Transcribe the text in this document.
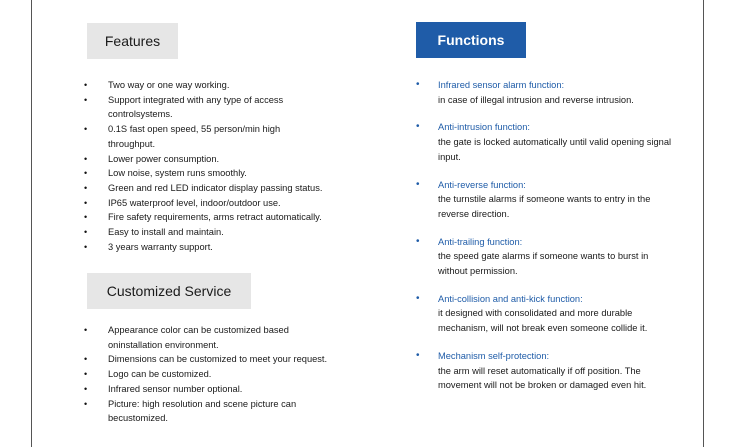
Features
• Two way or one way working.
• Support integrated with any type of access controlsystems.
• 0.1S fast open speed, 55 person/min high throughput.
• Lower power consumption.
• Low noise, system runs smoothly.
• Green and red LED indicator display passing status.
• IP65 waterproof level, indoor/outdoor use.
• Fire safety requirements, arms retract automatically.
• Easy to install and maintain.
• 3 years warranty support.
Customized Service
• Appearance color can be customized based oninstallation environment.
• Dimensions can be customized to meet your request.
• Logo can be customized.
• Infrared sensor number optional.
• Picture: high resolution and scene picture can becustomized.
Functions
• Infrared sensor alarm function:
in case of illegal intrusion and reverse intrusion.
• Anti-intrusion function:
the gate is locked automatically until valid opening signal input.
• Anti-reverse function:
the turnstile alarms if someone wants to entry in the reverse direction.
• Anti-trailing function:
the speed gate alarms if someone wants to burst in without permission.
• Anti-collision and anti-kick function:
it designed with consolidated and more durable mechanism, will not break even someone collide it.
• Mechanism self-protection:
the arm will reset automatically if off position. The movement will not be broken or damaged even hit.
